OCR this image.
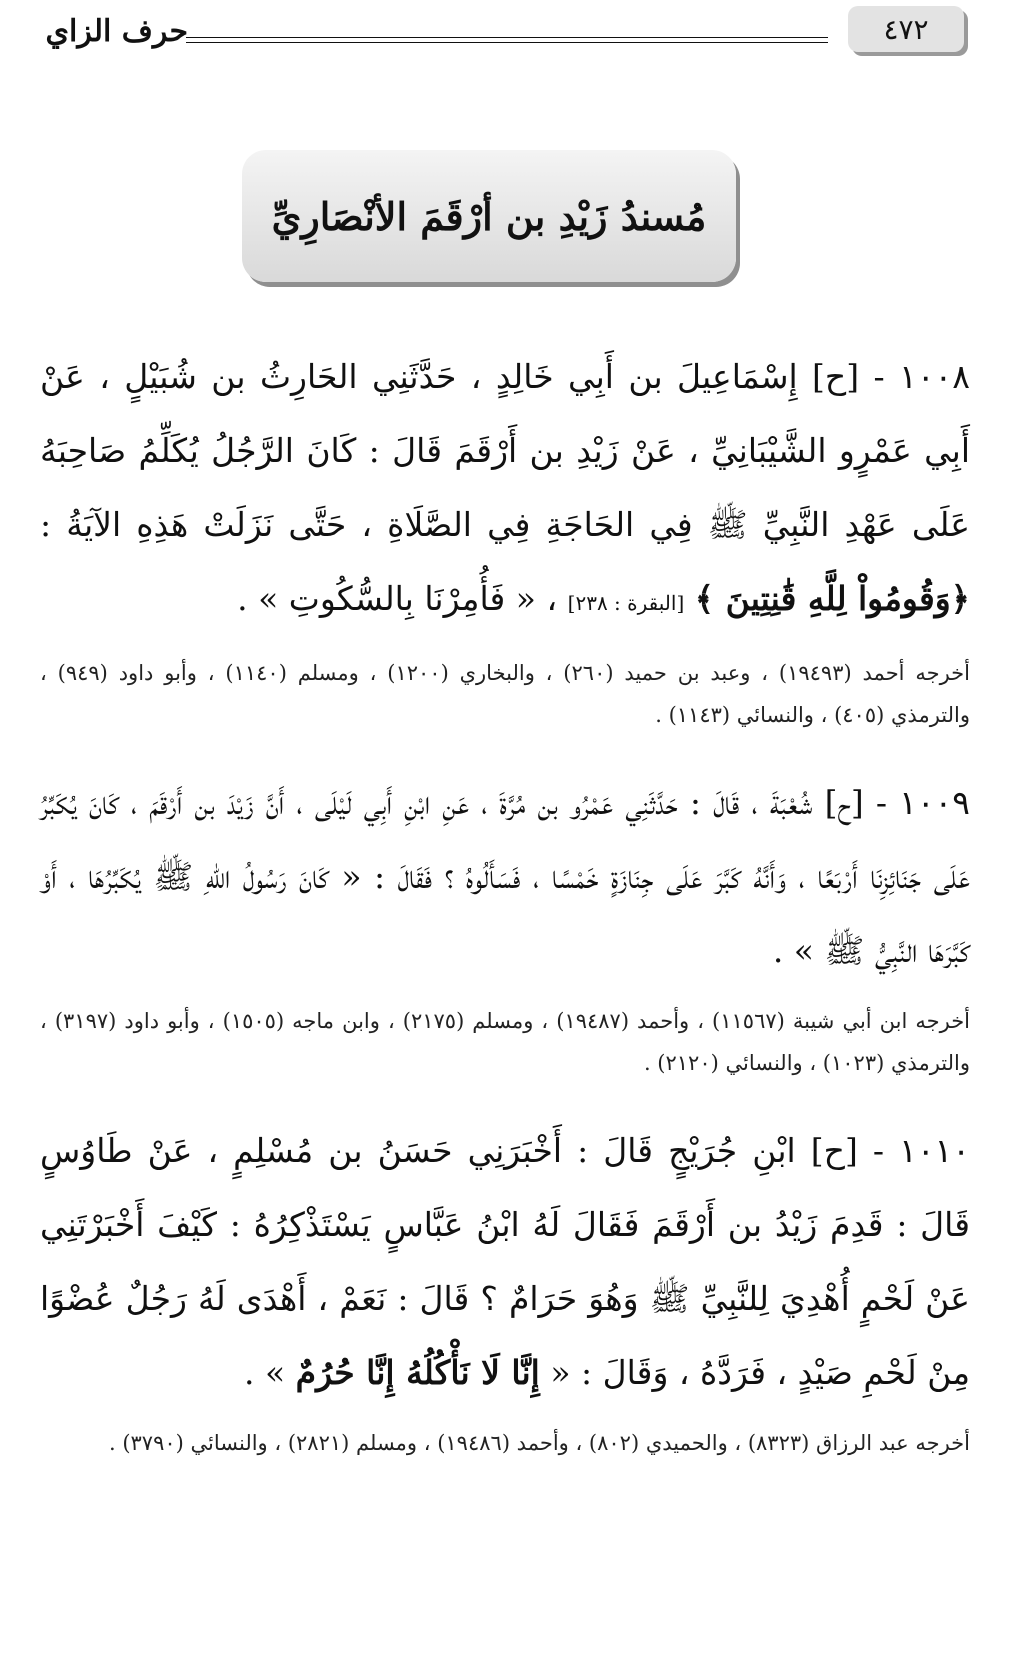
٤٧٢
حرف الزاي
مُسندُ زَيْدِ بن أرْقَمَ الأنْصَارِيِّ

١٠٠٨ - [ح] إِسْمَاعِيلَ بن أَبِي خَالِدٍ ، حَدَّثَنِي الحَارِثُ بن شُبَيْلٍ ، عَنْ أَبِي عَمْرٍو الشَّيْبَانِيِّ ، عَنْ زَيْدِ بن أَرْقَمَ قَالَ : كَانَ الرَّجُلُ يُكَلِّمُ صَاحِبَهُ عَلَى عَهْدِ النَّبِيِّ ﷺ فِي الحَاجَةِ فِي الصَّلَاةِ ، حَتَّى نَزَلَتْ هَذِهِ الآيَةُ : ﴿وَقُومُواْ لِلَّهِ قَٰنِتِينَ ﴾ [البقرة : ٢٣٨] ، « فَأُمِرْنَا بِالسُّكُوتِ » .

أخرجه أحمد (١٩٤٩٣) ، وعبد بن حميد (٢٦٠) ، والبخاري (١٢٠٠) ، ومسلم (١١٤٠) ، وأبو داود (٩٤٩) ، والترمذي (٤٠٥) ، والنسائي (١١٤٣) .

١٠٠٩ - [ح] شُعْبَةَ ، قَالَ : حَدَّثَنِي عَمْرُو بن مُرَّةَ ، عَنِ ابْنِ أَبِي لَيْلَى ، أَنَّ زَيْدَ بن أَرْقَمَ ، كَانَ يُكَبِّرُ عَلَى جَنَائِزِنَا أَرْبَعًا ، وَأَنَّهُ كَبَّرَ عَلَى جِنَازَةٍ خَمْسًا ، فَسَأَلُوهُ ؟ فَقَالَ : « كَانَ رَسُولُ اللهِ ﷺ يُكَبِّرُهَا ، أَوْ كَبَّرَهَا النَّبِيُّ ﷺ » .

أخرجه ابن أبي شيبة (١١٥٦٧) ، وأحمد (١٩٤٨٧) ، ومسلم (٢١٧٥) ، وابن ماجه (١٥٠٥) ، وأبو داود (٣١٩٧) ، والترمذي (١٠٢٣) ، والنسائي (٢١٢٠) .

١٠١٠ - [ح] ابْنِ جُرَيْجٍ قَالَ : أَخْبَرَنِي حَسَنُ بن مُسْلِمٍ ، عَنْ طَاوُسٍ قَالَ : قَدِمَ زَيْدُ بن أَرْقَمَ فَقَالَ لَهُ ابْنُ عَبَّاسٍ يَسْتَذْكِرُهُ : كَيْفَ أَخْبَرْتَنِي عَنْ لَحْمٍ أُهْدِيَ لِلنَّبِيِّ ﷺ وَهُوَ حَرَامٌ ؟ قَالَ : نَعَمْ ، أَهْدَى لَهُ رَجُلٌ عُضْوًا مِنْ لَحْمِ صَيْدٍ ، فَرَدَّهُ ، وَقَالَ : « إِنَّا لَا نَأْكُلُهُ إِنَّا حُرُمٌ » .

أخرجه عبد الرزاق (٨٣٢٣) ، والحميدي (٨٠٢) ، وأحمد (١٩٤٨٦) ، ومسلم (٢٨٢١) ، والنسائي (٣٧٩٠) .
